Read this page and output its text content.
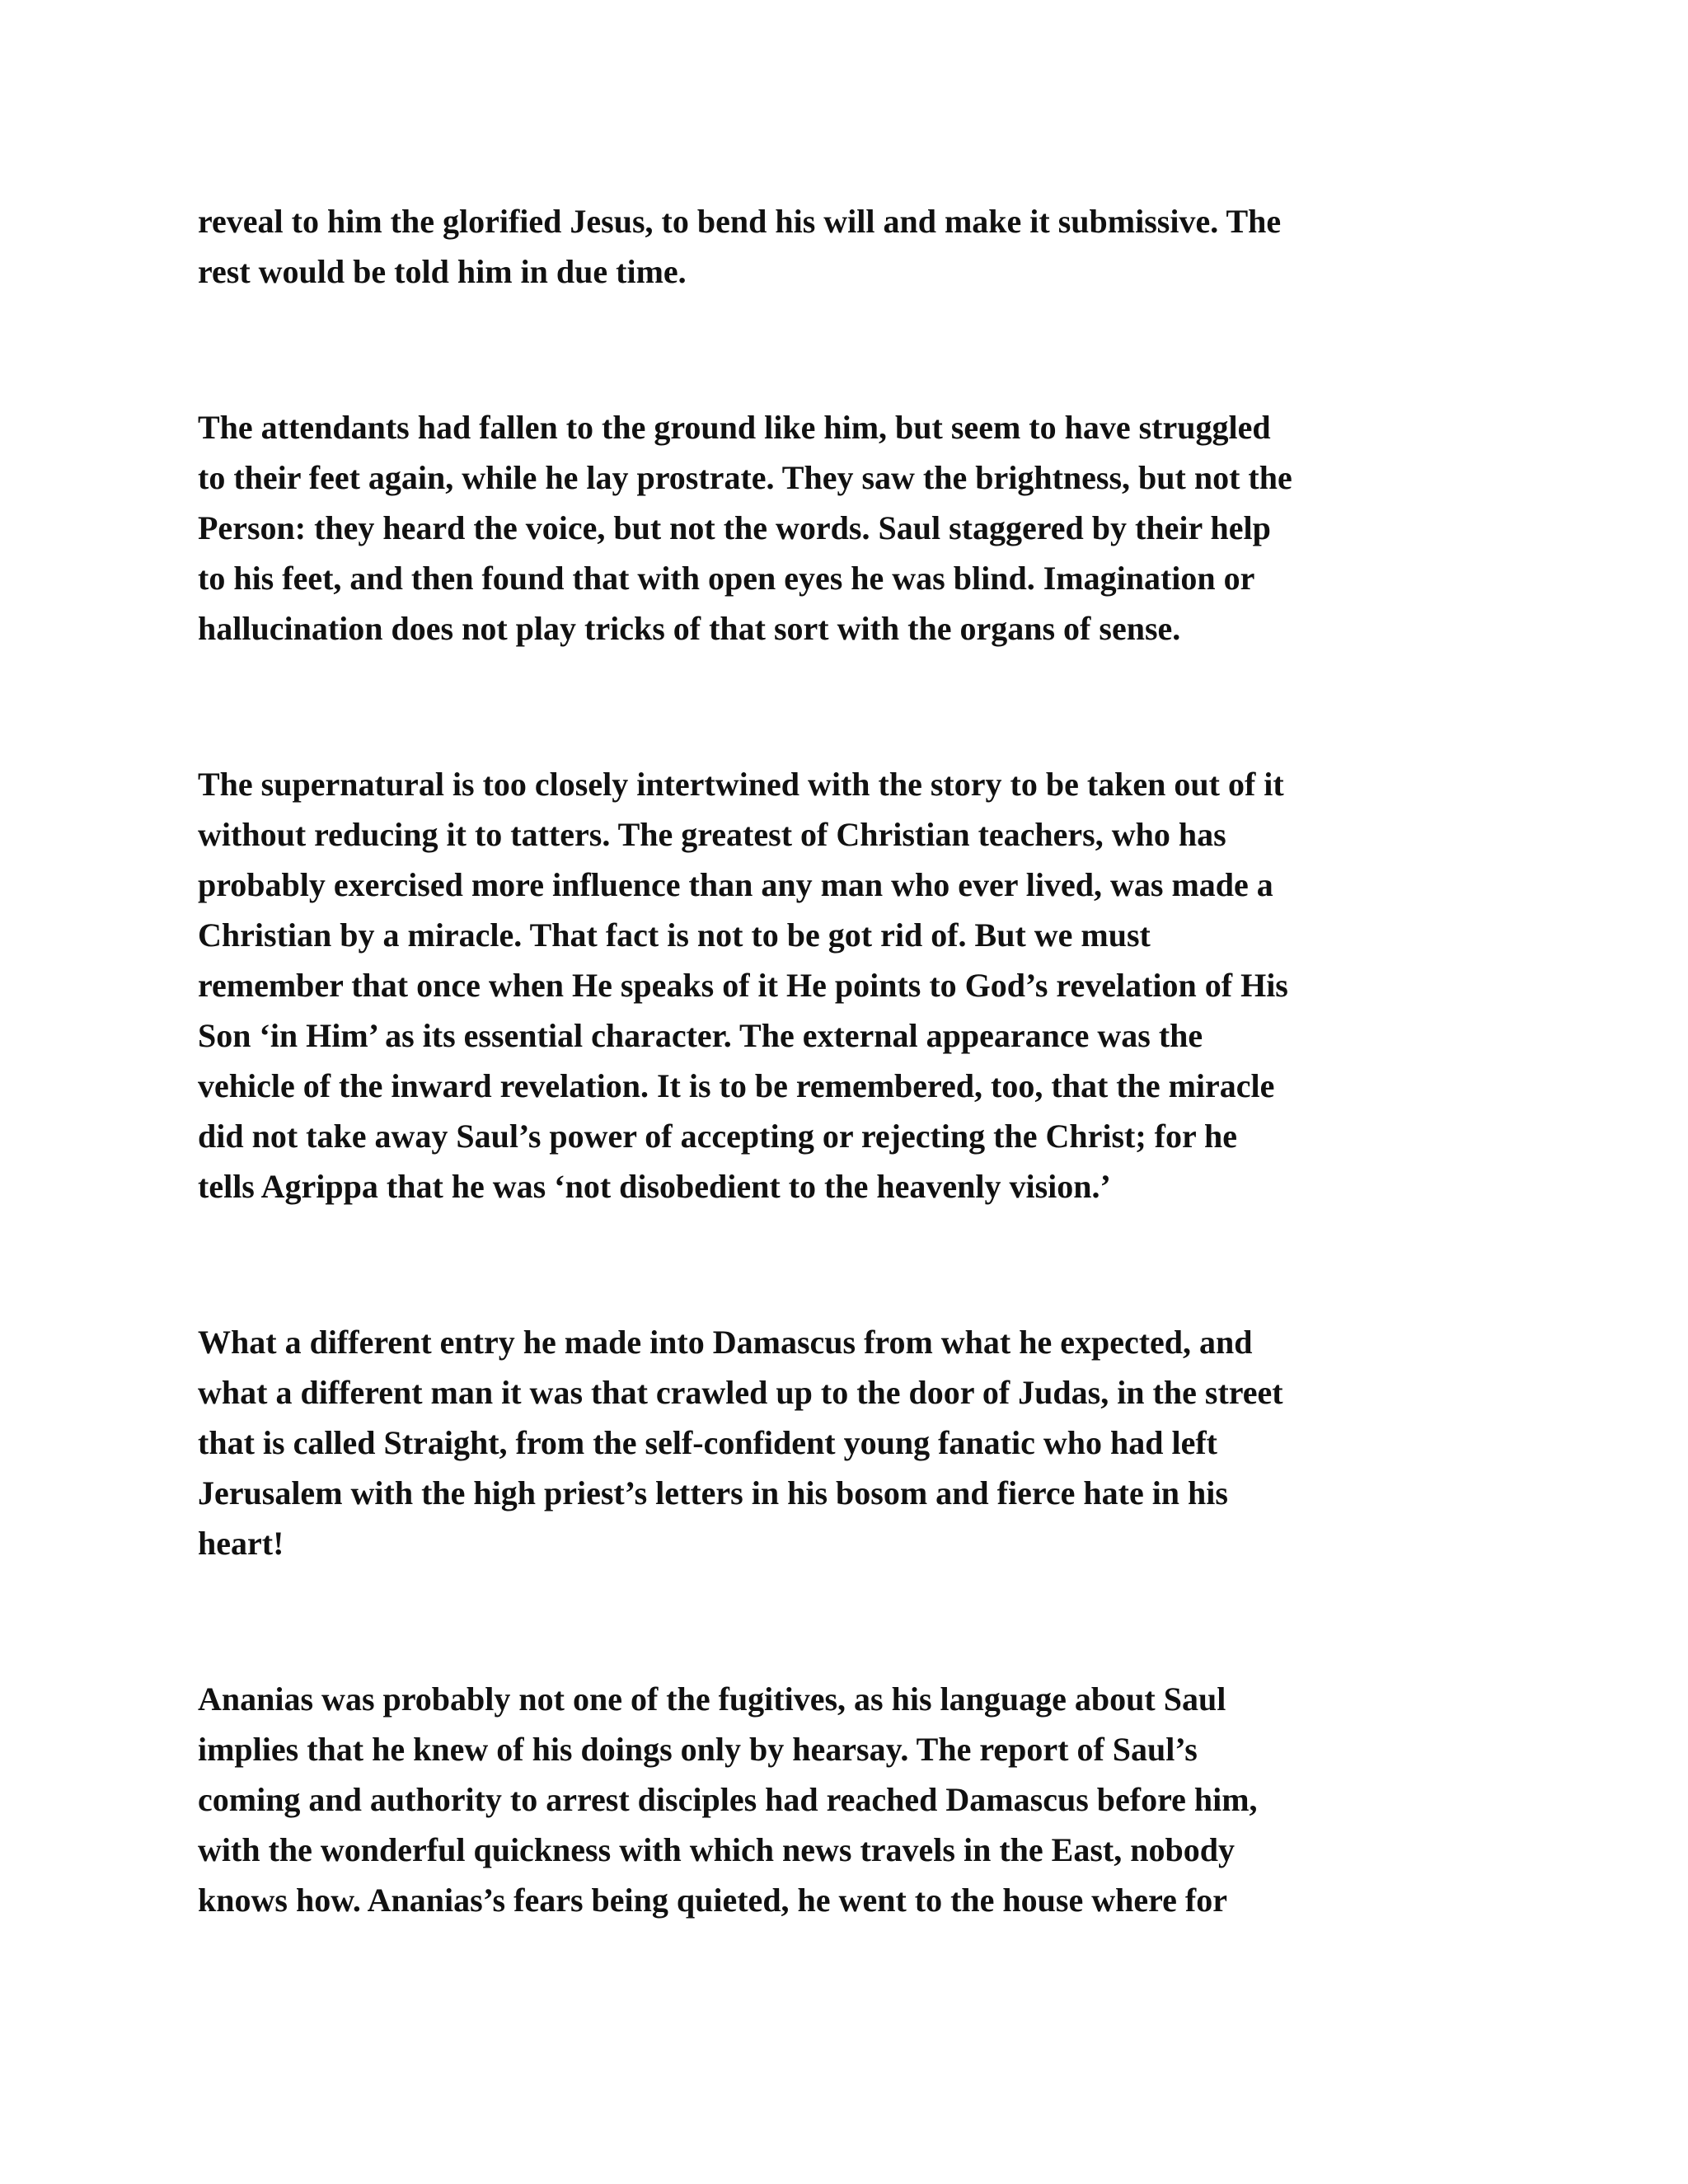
reveal to him the glorified Jesus, to bend his will and make it submissive. The
rest would be told him in due time.

The attendants had fallen to the ground like him, but seem to have struggled
to their feet again, while he lay prostrate. They saw the brightness, but not the
Person: they heard the voice, but not the words. Saul staggered by their help
to his feet, and then found that with open eyes he was blind. Imagination or
hallucination does not play tricks of that sort with the organs of sense.

The supernatural is too closely intertwined with the story to be taken out of it
without reducing it to tatters. The greatest of Christian teachers, who has
probably exercised more influence than any man who ever lived, was made a
Christian by a miracle. That fact is not to be got rid of. But we must
remember that once when He speaks of it He points to God’s revelation of His
Son ‘in Him’ as its essential character. The external appearance was the
vehicle of the inward revelation. It is to be remembered, too, that the miracle
did not take away Saul’s power of accepting or rejecting the Christ; for he
tells Agrippa that he was ‘not disobedient to the heavenly vision.’

What a different entry he made into Damascus from what he expected, and
what a different man it was that crawled up to the door of Judas, in the street
that is called Straight, from the self-confident young fanatic who had left
Jerusalem with the high priest’s letters in his bosom and fierce hate in his
heart!

Ananias was probably not one of the fugitives, as his language about Saul
implies that he knew of his doings only by hearsay. The report of Saul’s
coming and authority to arrest disciples had reached Damascus before him,
with the wonderful quickness with which news travels in the East, nobody
knows how. Ananias’s fears being quieted, he went to the house where for
